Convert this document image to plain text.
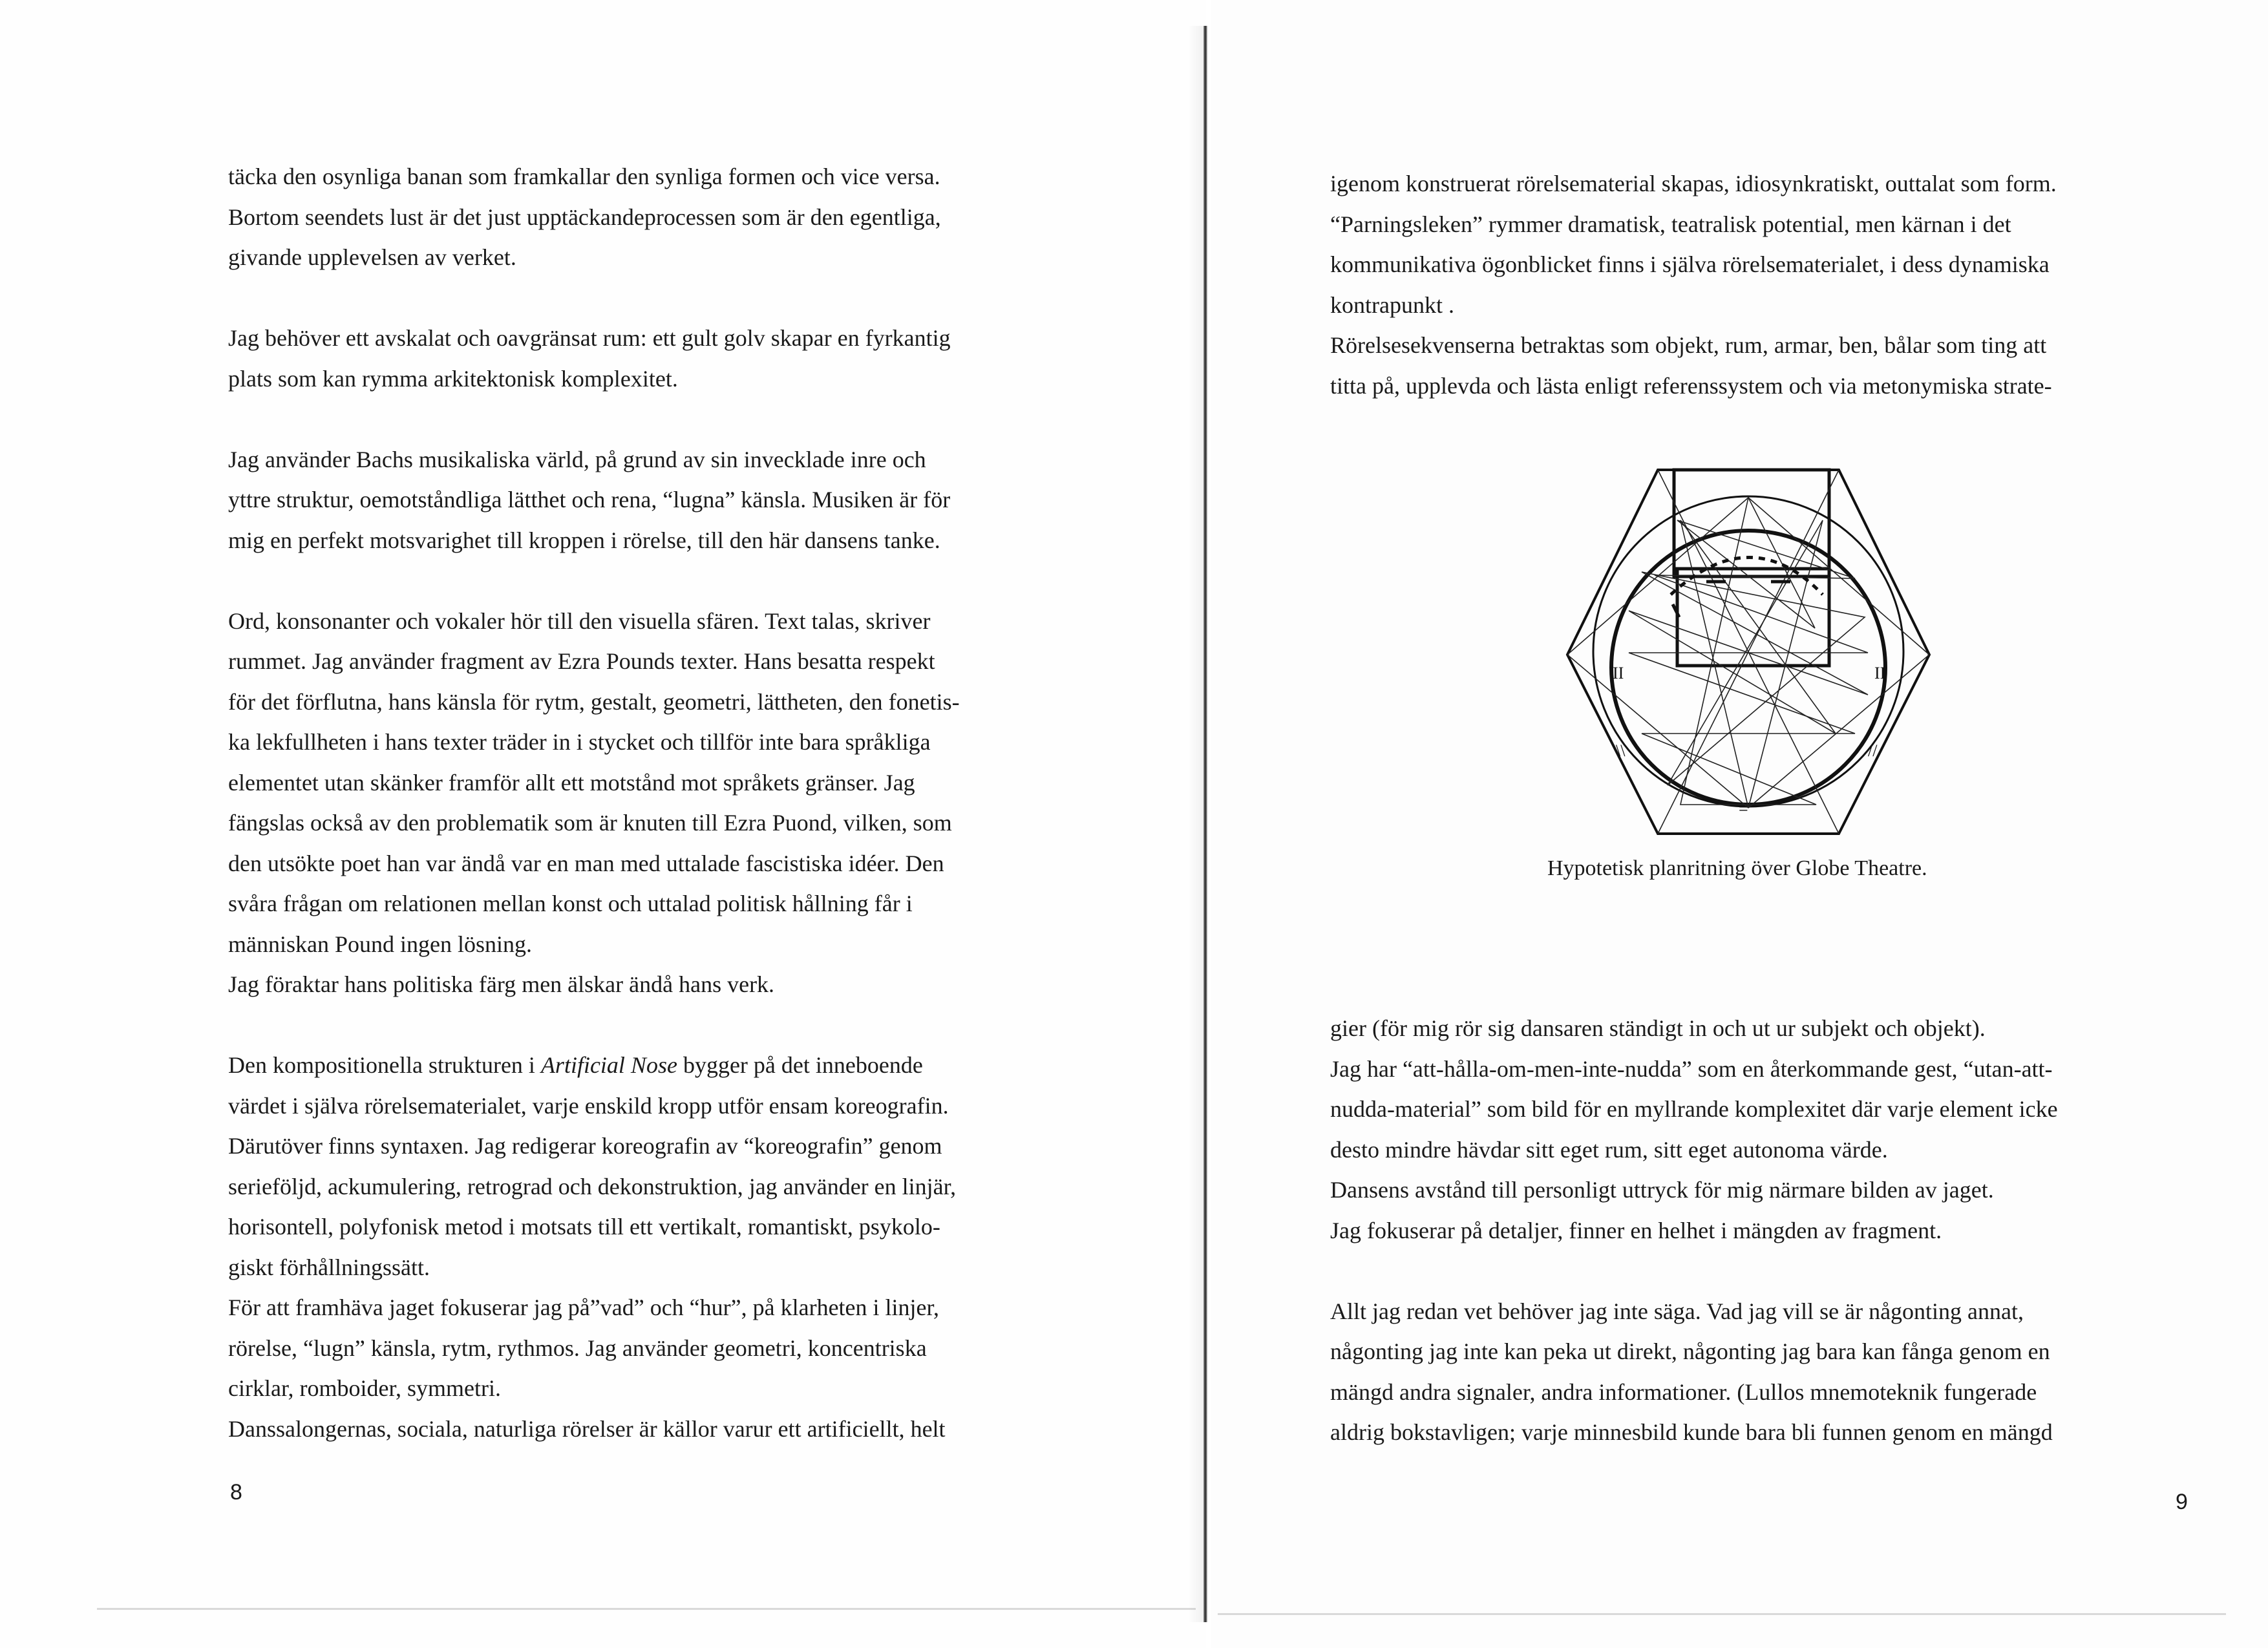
täcka den osynliga banan som framkallar den synliga formen och vice versa.
Bortom seendets lust är det just upptäckandeprocessen som är den egentliga,
givande upplevelsen av verket.
Jag behöver ett avskalat och oavgränsat rum: ett gult golv skapar en fyrkantig
plats som kan rymma arkitektonisk komplexitet.
Jag använder Bachs musikaliska värld, på grund av sin invecklade inre och
yttre struktur, oemotståndliga lätthet och rena, “lugna” känsla. Musiken är för
mig en perfekt motsvarighet till kroppen i rörelse, till den här dansens tanke.
Ord, konsonanter och vokaler hör till den visuella sfären. Text talas, skriver
rummet. Jag använder fragment av Ezra Pounds texter. Hans besatta respekt
för det förflutna, hans känsla för rytm, gestalt, geometri, lättheten, den fonetis-
ka lekfullheten i hans texter träder in i stycket och tillför inte bara språkliga
elementet utan skänker framför allt ett motstånd mot språkets gränser. Jag
fängslas också av den problematik som är knuten till Ezra Puond, vilken, som
den utsökte poet han var ändå var en man med uttalade fascistiska idéer. Den
svåra frågan om relationen mellan konst och uttalad politisk hållning får i
människan Pound ingen lösning.
Jag föraktar hans politiska färg men älskar ändå hans verk.
Den kompositionella strukturen i Artificial Nose bygger på det inneboende
värdet i själva rörelsematerialet, varje enskild kropp utför ensam koreografin.
Därutöver finns syntaxen. Jag redigerar koreografin av “koreografin” genom
serieföljd, ackumulering, retrograd och dekonstruktion, jag använder en linjär,
horisontell, polyfonisk metod i motsats till ett vertikalt, romantiskt, psykolo-
giskt förhållningssätt.
För att framhäva jaget fokuserar jag på”vad” och “hur”, på klarheten i linjer,
rörelse, “lugn” känsla, rytm, rythmos. Jag använder geometri, koncentriska
cirklar, romboider, symmetri.
Danssalongernas, sociala, naturliga rörelser är källor varur ett artificiellt, helt
8
igenom konstruerat rörelsematerial skapas, idiosynkratiskt, outtalat som form.
“Parningsleken” rymmer dramatisk, teatralisk potential, men kärnan i det
kommunikativa ögonblicket finns i själva rörelsematerialet, i dess dynamiska
kontrapunkt .
Rörelsesekvenserna betraktas som objekt, rum, armar, ben, bålar som ting att
titta på, upplevda och lästa enligt referenssystem och via metonymiska strate-
gier (för mig rör sig dansaren ständigt in och ut ur subjekt och objekt).
Jag har “att-hålla-om-men-inte-nudda” som en återkommande gest, “utan-att-
nudda-material” som bild för en myllrande komplexitet där varje element icke
desto mindre hävdar sitt eget rum, sitt eget autonoma värde.
Dansens avstånd till personligt uttryck för mig närmare bilden av jaget.
Jag fokuserar på detaljer, finner en helhet i mängden av fragment.
Allt jag redan vet behöver jag inte säga. Vad jag vill se är någonting annat,
någonting jag inte kan peka ut direkt, någonting jag bara kan fånga genom en
mängd andra signaler, andra informationer. (Lullos mnemoteknik fungerade
aldrig bokstavligen; varje minnesbild kunde bara bli funnen genom en mängd
Hypotetisk planritning över Globe Theatre.
9
II	II
\\	//
=
